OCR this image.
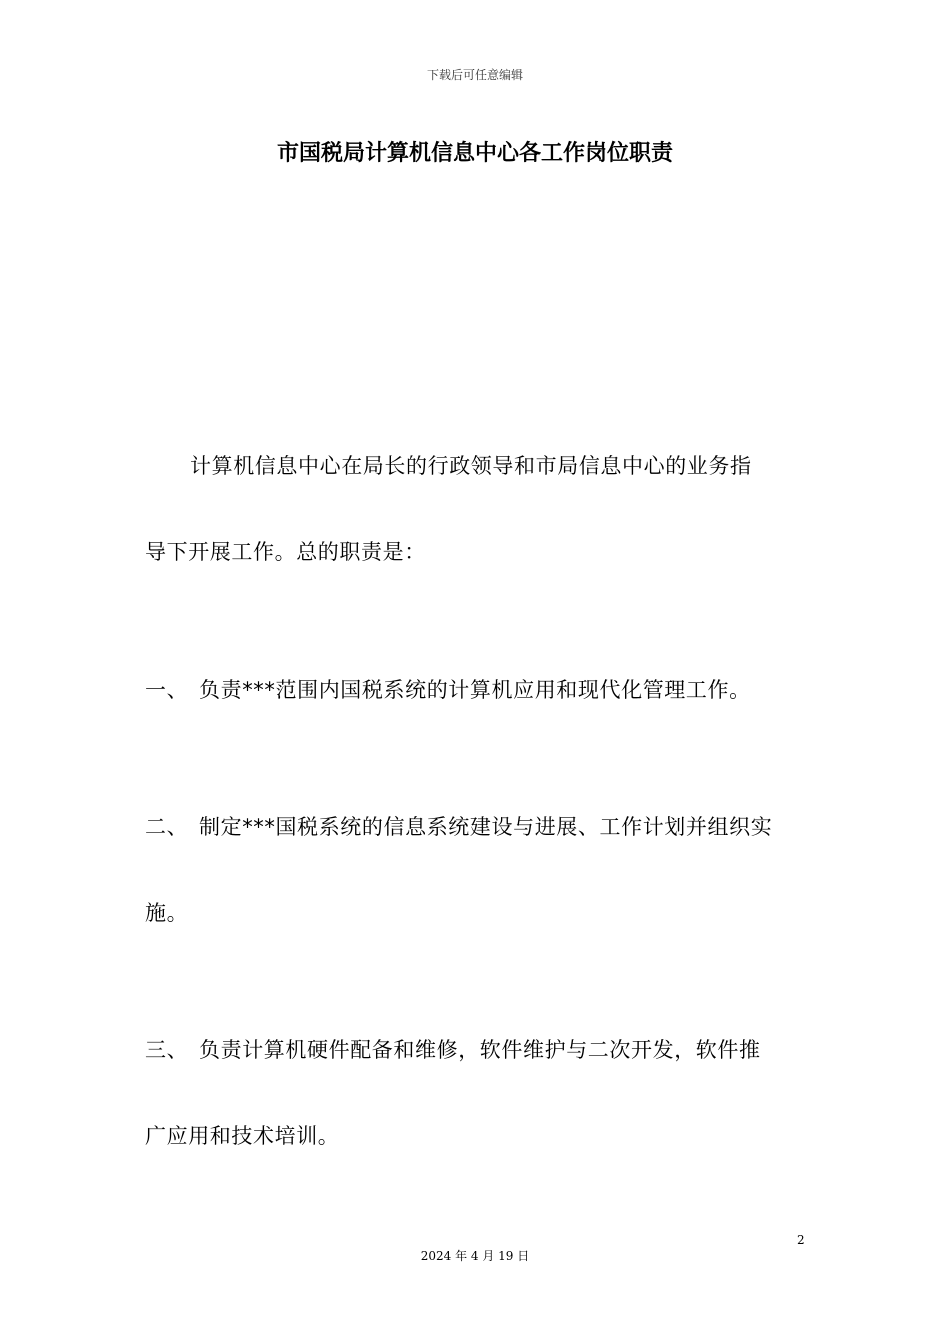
下载后可任意编辑
市国税局计算机信息中心各工作岗位职责
计算机信息中心在局长的行政领导和市局信息中心的业务指
导下开展工作。总的职责是：
一、 负责***范围内国税系统的计算机应用和现代化管理工作。
二、 制定***国税系统的信息系统建设与进展、工作计划并组织实
施。
三、 负责计算机硬件配备和维修，软件维护与二次开发，软件推
广应用和技术培训。
2
2024 年 4 月 19 日
